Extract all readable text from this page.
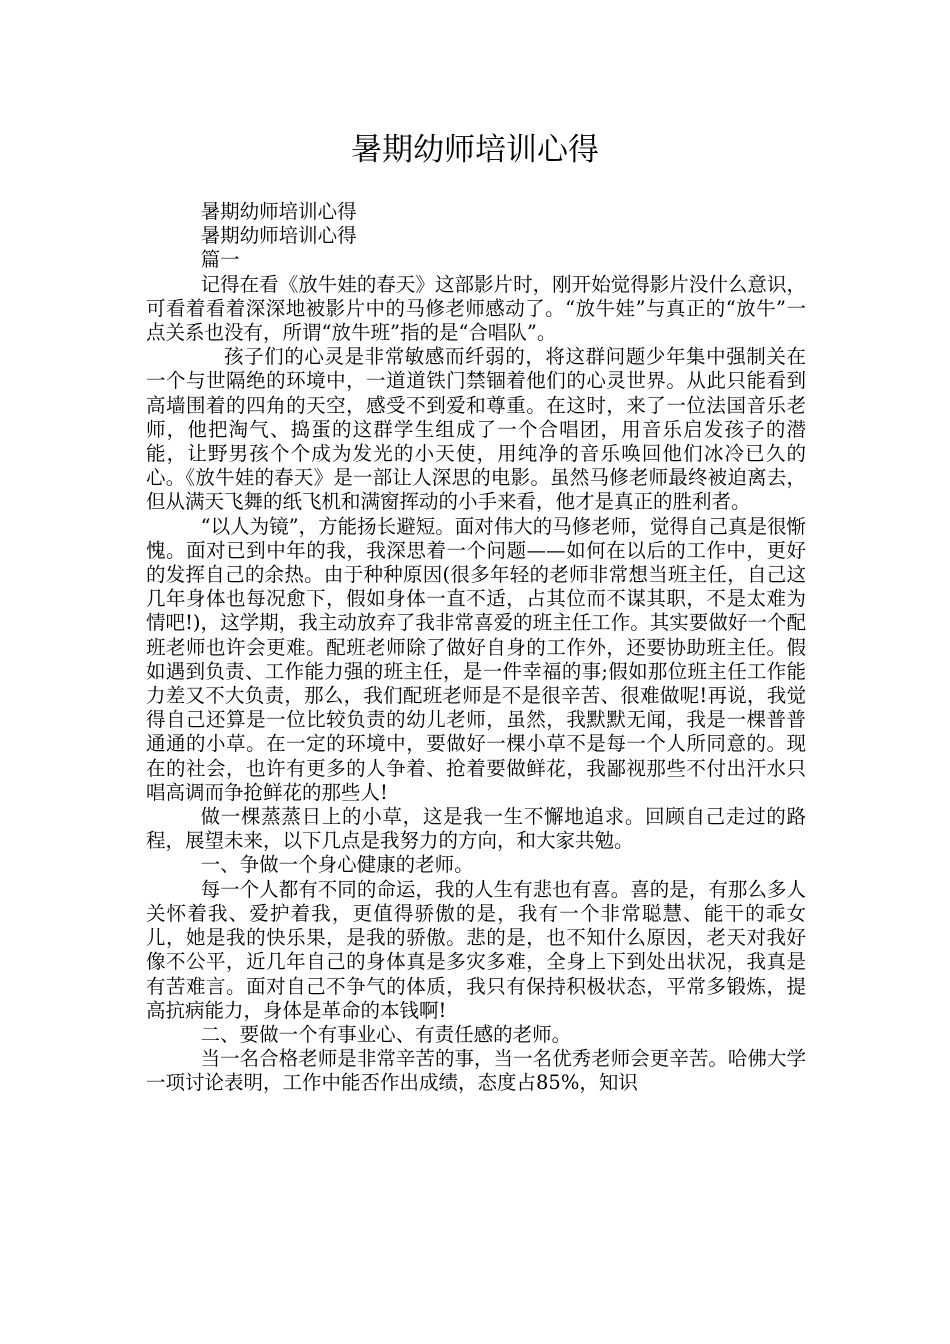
暑期幼师培训心得

暑期幼师培训心得

暑期幼师培训心得

篇一

记得在看《放牛娃的春天》这部影片时，刚开始觉得影片没什么意识，可看着看着深深地被影片中的马修老师感动了。“放牛娃”与真正的“放牛”一点关系也没有，所谓“放牛班”指的是“合唱队”。

孩子们的心灵是非常敏感而纤弱的，将这群问题少年集中强制关在一个与世隔绝的环境中，一道道铁门禁锢着他们的心灵世界。从此只能看到高墙围着的四角的天空，感受不到爱和尊重。在这时，来了一位法国音乐老师，他把淘气、捣蛋的这群学生组成了一个合唱团，用音乐启发孩子的潜能，让野男孩个个成为发光的小天使，用纯净的音乐唤回他们冰冷已久的心。《放牛娃的春天》是一部让人深思的电影。虽然马修老师最终被迫离去，但从满天飞舞的纸飞机和满窗挥动的小手来看，他才是真正的胜利者。

“以人为镜”，方能扬长避短。面对伟大的马修老师，觉得自己真是很惭愧。面对已到中年的我，我深思着一个问题——如何在以后的工作中，更好的发挥自己的余热。由于种种原因(很多年轻的老师非常想当班主任，自己这几年身体也每况愈下，假如身体一直不适，占其位而不谋其职，不是太难为情吧!)，这学期，我主动放弃了我非常喜爱的班主任工作。其实要做好一个配班老师也许会更难。配班老师除了做好自身的工作外，还要协助班主任。假如遇到负责、工作能力强的班主任，是一件幸福的事;假如那位班主任工作能力差又不大负责，那么，我们配班老师是不是很辛苦、很难做呢!再说，我觉得自己还算是一位比较负责的幼儿老师，虽然，我默默无闻，我是一棵普普通通的小草。在一定的环境中，要做好一棵小草不是每一个人所同意的。现在的社会，也许有更多的人争着、抢着要做鲜花，我鄙视那些不付出汗水只唱高调而争抢鲜花的那些人!

做一棵蒸蒸日上的小草，这是我一生不懈地追求。回顾自己走过的路程，展望未来，以下几点是我努力的方向，和大家共勉。

一、争做一个身心健康的老师。

每一个人都有不同的命运，我的人生有悲也有喜。喜的是，有那么多人关怀着我、爱护着我，更值得骄傲的是，我有一个非常聪慧、能干的乖女儿，她是我的快乐果，是我的骄傲。悲的是，也不知什么原因，老天对我好像不公平，近几年自己的身体真是多灾多难，全身上下到处出状况，我真是有苦难言。面对自己不争气的体质，我只有保持积极状态，平常多锻炼，提高抗病能力，身体是革命的本钱啊!

二、要做一个有事业心、有责任感的老师。

当一名合格老师是非常辛苦的事，当一名优秀老师会更辛苦。哈佛大学一项讨论表明，工作中能否作出成绩，态度占85%，知识
